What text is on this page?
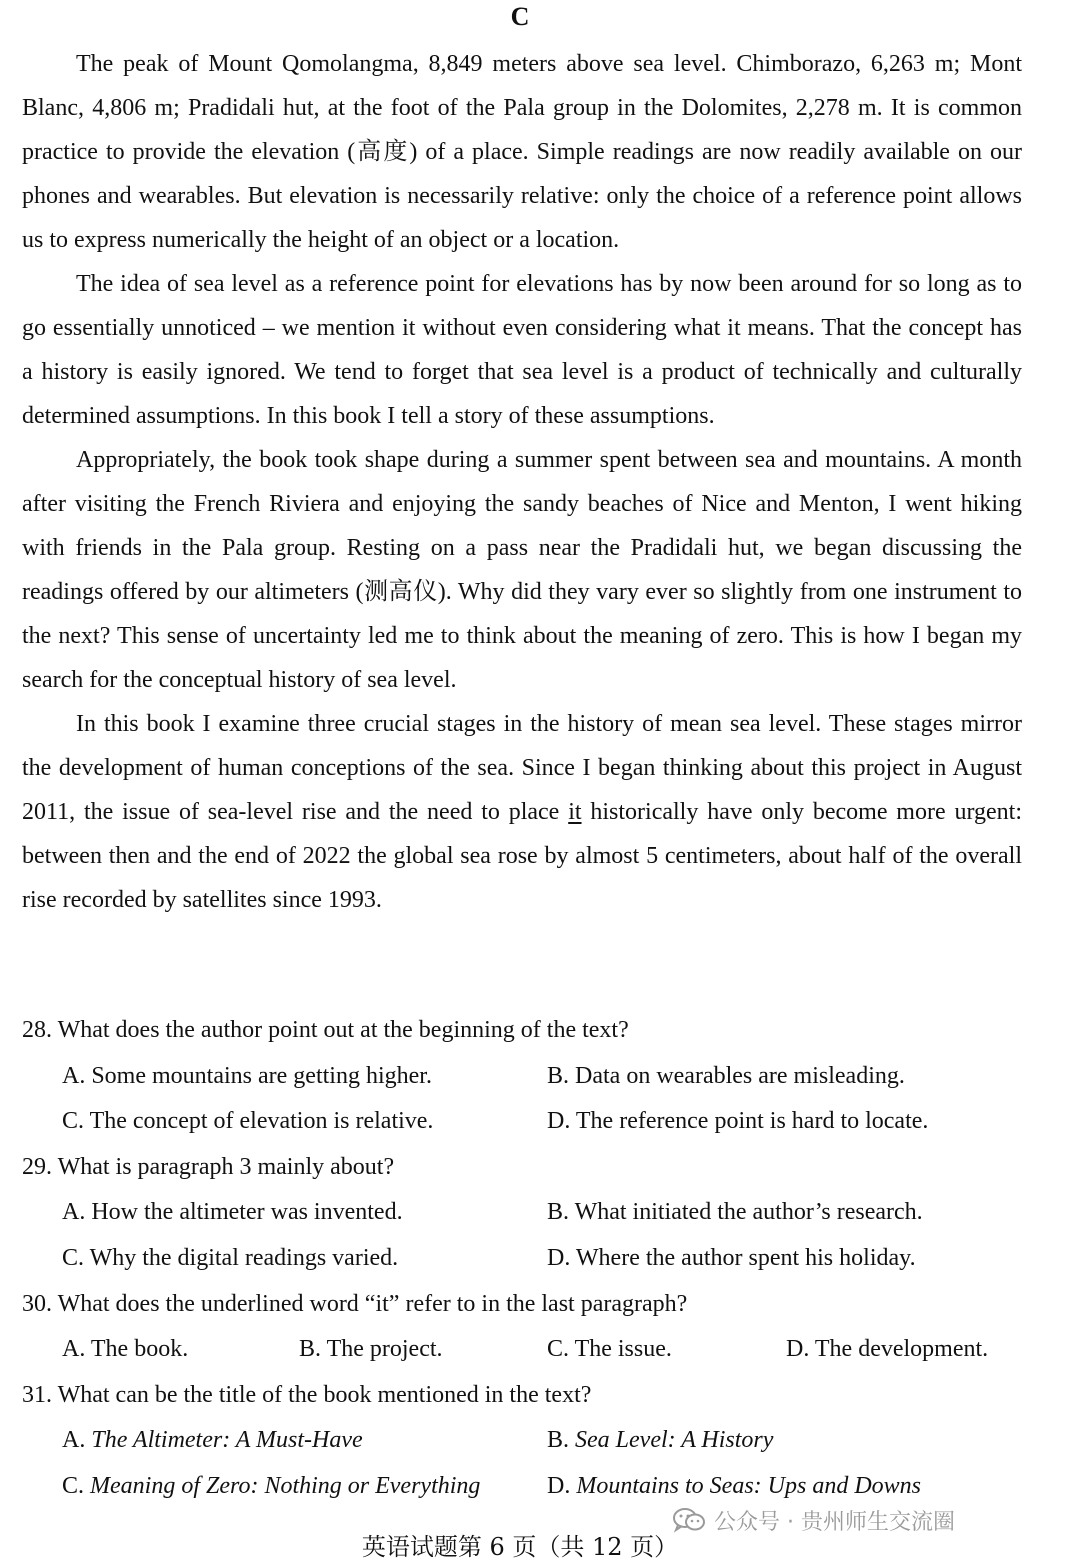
C

The peak of Mount Qomolangma, 8,849 meters above sea level. Chimborazo, 6,263 m; Mont Blanc, 4,806 m; Pradidali hut, at the foot of the Pala group in the Dolomites, 2,278 m. It is common practice to provide the elevation (高度) of a place. Simple readings are now readily available on our phones and wearables. But elevation is necessarily relative: only the choice of a reference point allows us to express numerically the height of an object or a location.

The idea of sea level as a reference point for elevations has by now been around for so long as to go essentially unnoticed – we mention it without even considering what it means. That the concept has a history is easily ignored. We tend to forget that sea level is a product of technically and culturally determined assumptions. In this book I tell a story of these assumptions.

Appropriately, the book took shape during a summer spent between sea and mountains. A month after visiting the French Riviera and enjoying the sandy beaches of Nice and Menton, I went hiking with friends in the Pala group. Resting on a pass near the Pradidali hut, we began discussing the readings offered by our altimeters (测高仪). Why did they vary ever so slightly from one instrument to the next? This sense of uncertainty led me to think about the meaning of zero. This is how I began my search for the conceptual history of sea level.

In this book I examine three crucial stages in the history of mean sea level. These stages mirror the development of human conceptions of the sea. Since I began thinking about this project in August 2011, the issue of sea-level rise and the need to place it historically have only become more urgent: between then and the end of 2022 the global sea rose by almost 5 centimeters, about half of the overall rise recorded by satellites since 1993.

28. What does the author point out at the beginning of the text?

A. Some mountains are getting higher.	B. Data on wearables are misleading.
C. The concept of elevation is relative.	D. The reference point is hard to locate.

29. What is paragraph 3 mainly about?

A. How the altimeter was invented.	B. What initiated the author’s research.
C. Why the digital readings varied.	D. Where the author spent his holiday.

30. What does the underlined word “it” refer to in the last paragraph?

A. The book.	B. The project.	C. The issue.	D. The development.

31. What can be the title of the book mentioned in the text?

A. The Altimeter: A Must-Have	B. Sea Level: A History
C. Meaning of Zero: Nothing or Everything	D. Mountains to Seas: Ups and Downs
公众号 · 贵州师生交流圈
英语试题第 6 页（共 12 页）
